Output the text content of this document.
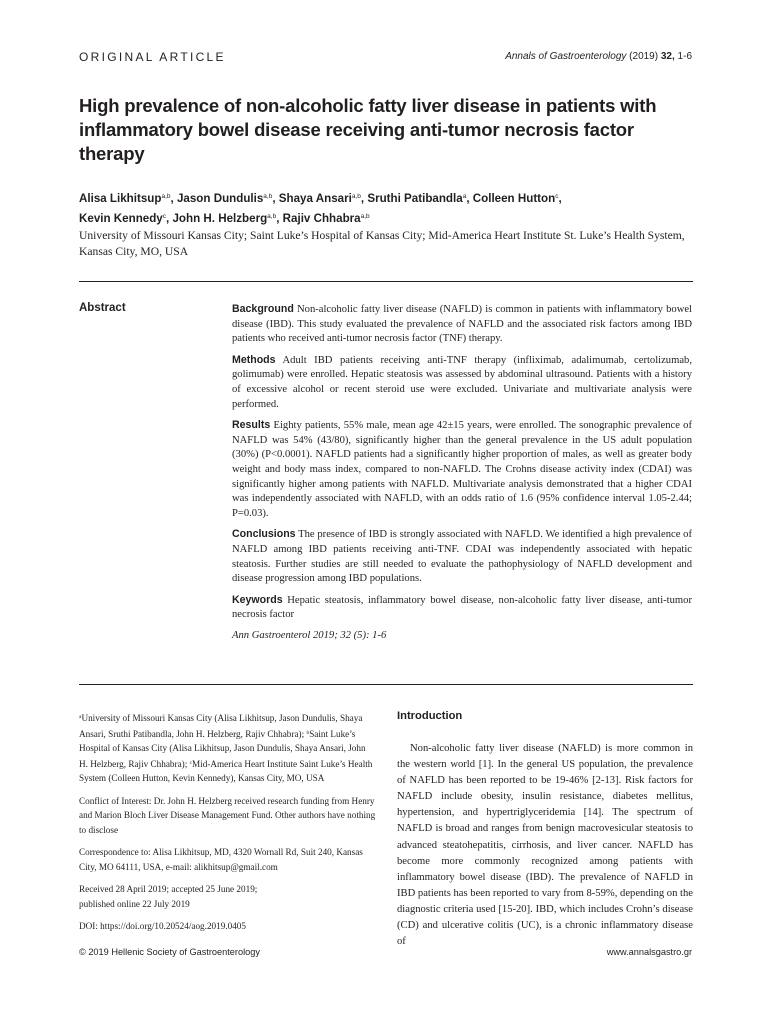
ORIGINAL ARTICLE	Annals of Gastroenterology (2019) 32, 1-6
High prevalence of non-alcoholic fatty liver disease in patients with inflammatory bowel disease receiving anti-tumor necrosis factor therapy
Alisa Likhitsup$^{a,b}$, Jason Dundulis$^{a,b}$, Shaya Ansari$^{a,b}$, Sruthi Patibandla$^a$, Colleen Hutton$^c$,
Kevin Kennedy$^c$, John H. Helzberg$^{a,b}$, Rajiv Chhabra$^{a,b}$
University of Missouri Kansas City; Saint Luke’s Hospital of Kansas City; Mid-America Heart Institute St. Luke’s Health System, Kansas City, MO, USA
Abstract	Background Non-alcoholic fatty liver disease (NAFLD) is common in patients with inflammatory bowel disease (IBD). This study evaluated the prevalence of NAFLD and the associated risk factors among IBD patients who received anti-tumor necrosis factor (TNF) therapy.

Methods Adult IBD patients receiving anti-TNF therapy (infliximab, adalimumab, certolizumab, golimumab) were enrolled. Hepatic steatosis was assessed by abdominal ultrasound. Patients with a history of excessive alcohol or recent steroid use were excluded. Univariate and multivariate analysis were performed.

Results Eighty patients, 55% male, mean age 42±15 years, were enrolled. The sonographic prevalence of NAFLD was 54% (43/80), significantly higher than the general prevalence in the US adult population (30%) (P<0.0001). NAFLD patients had a significantly higher proportion of males, as well as greater body weight and body mass index, compared to non-NAFLD. The Crohns disease activity index (CDAI) was significantly higher among patients with NAFLD. Multivariate analysis demonstrated that a higher CDAI was independently associated with NAFLD, with an odds ratio of 1.6 (95% confidence interval 1.05-2.44; P=0.03).

Conclusions The presence of IBD is strongly associated with NAFLD. We identified a high prevalence of NAFLD among IBD patients receiving anti-TNF. CDAI was independently associated with hepatic steatosis. Further studies are still needed to evaluate the pathophysiology of NAFLD development and disease progression among IBD populations.

Keywords Hepatic steatosis, inflammatory bowel disease, non-alcoholic fatty liver disease, anti-tumor necrosis factor

Ann Gastroenterol 2019; 32 (5): 1-6

$^a$University of Missouri Kansas City (Alisa Likhitsup, Jason Dundulis, Shaya Ansari, Sruthi Patibandla, John H. Helzberg, Rajiv Chhabra); $^b$Saint Luke’s Hospital of Kansas City (Alisa Likhitsup, Jason Dundulis, Shaya Ansari, John H. Helzberg, Rajiv Chhabra); $^c$Mid-America Heart Institute Saint Luke’s Health System (Colleen Hutton, Kevin Kennedy), Kansas City, MO, USA

Conflict of Interest: Dr. John H. Helzberg received research funding from Henry and Marion Bloch Liver Disease Management Fund. Other authors have nothing to disclose

Correspondence to: Alisa Likhitsup, MD, 4320 Wornall Rd, Suit 240, Kansas City, MO 64111, USA, e-mail: alikhitsup@gmail.com

Received 28 April 2019; accepted 25 June 2019;
published online 22 July 2019

DOI: https://doi.org/10.20524/aog.2019.0405

Introduction

Non-alcoholic fatty liver disease (NAFLD) is more common in the western world [1]. In the general US population, the prevalence of NAFLD has been reported to be 19-46% [2-13]. Risk factors for NAFLD include obesity, insulin resistance, diabetes mellitus, hypertension, and hypertriglyceridemia [14]. The spectrum of NAFLD is broad and ranges from benign macrovesicular steatosis to advanced steatohepatitis, cirrhosis, and liver cancer. NAFLD has become more commonly recognized among patients with inflammatory bowel disease (IBD). The prevalence of NAFLD in IBD patients has been reported to vary from 8-59%, depending on the diagnostic criteria used [15-20]. IBD, which includes Crohn’s disease (CD) and ulcerative colitis (UC), is a chronic inflammatory disease of

© 2019 Hellenic Society of Gastroenterology	www.annalsgastro.gr
